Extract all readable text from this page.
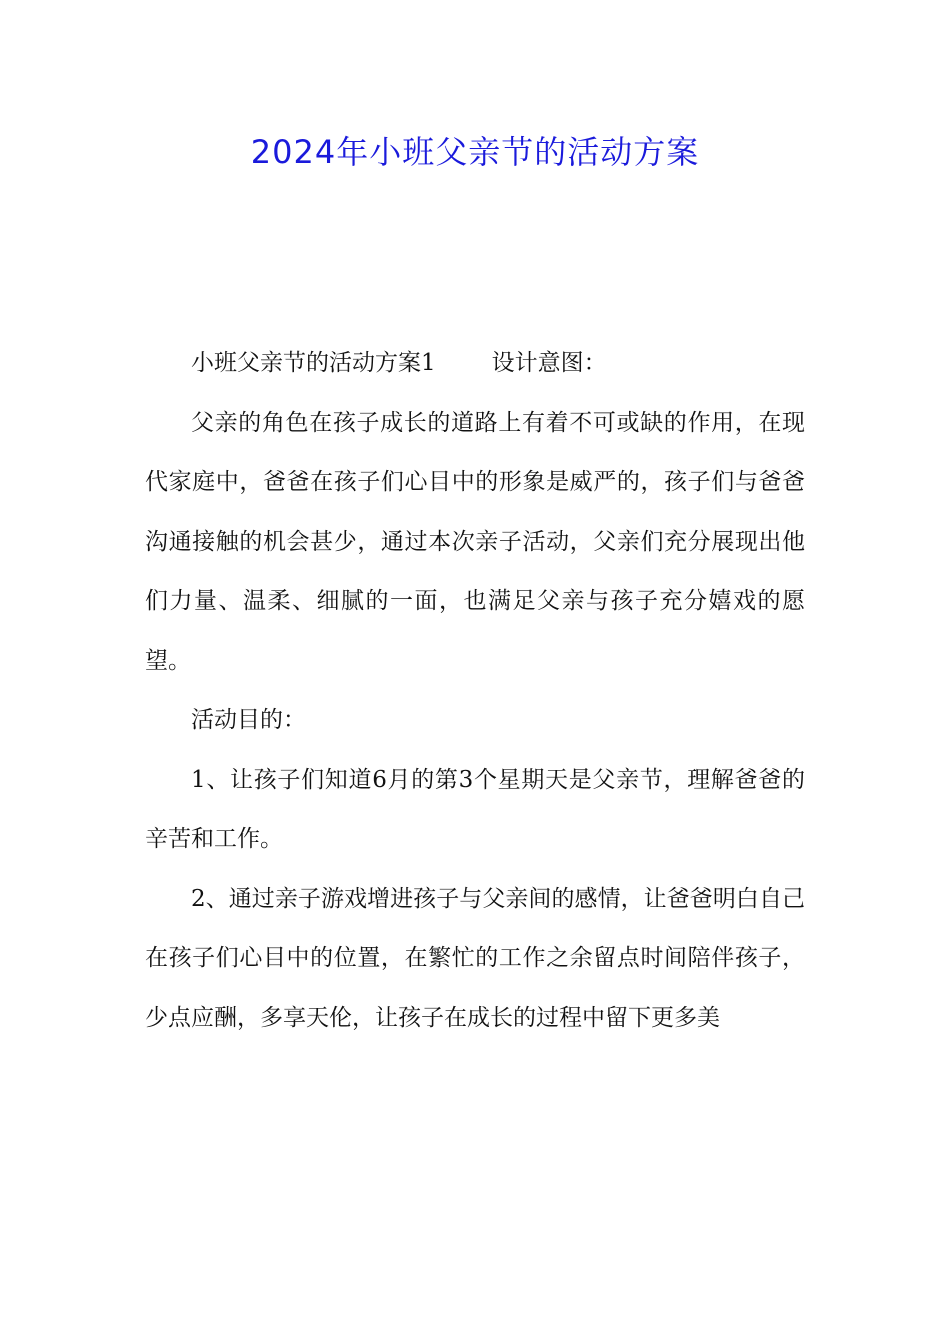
2024年小班父亲节的活动方案

小班父亲节的活动方案1 设计意图：

父亲的角色在孩子成长的道路上有着不可或缺的作用，在现代家庭中，爸爸在孩子们心目中的形象是威严的，孩子们与爸爸沟通接触的机会甚少，通过本次亲子活动，父亲们充分展现出他们力量、温柔、细腻的一面，也满足父亲与孩子充分嬉戏的愿望。

活动目的：

1、让孩子们知道6月的第3个星期天是父亲节，理解爸爸的辛苦和工作。

2、通过亲子游戏增进孩子与父亲间的感情，让爸爸明白自己在孩子们心目中的位置，在繁忙的工作之余留点时间陪伴孩子，少点应酬，多享天伦，让孩子在成长的过程中留下更多美
